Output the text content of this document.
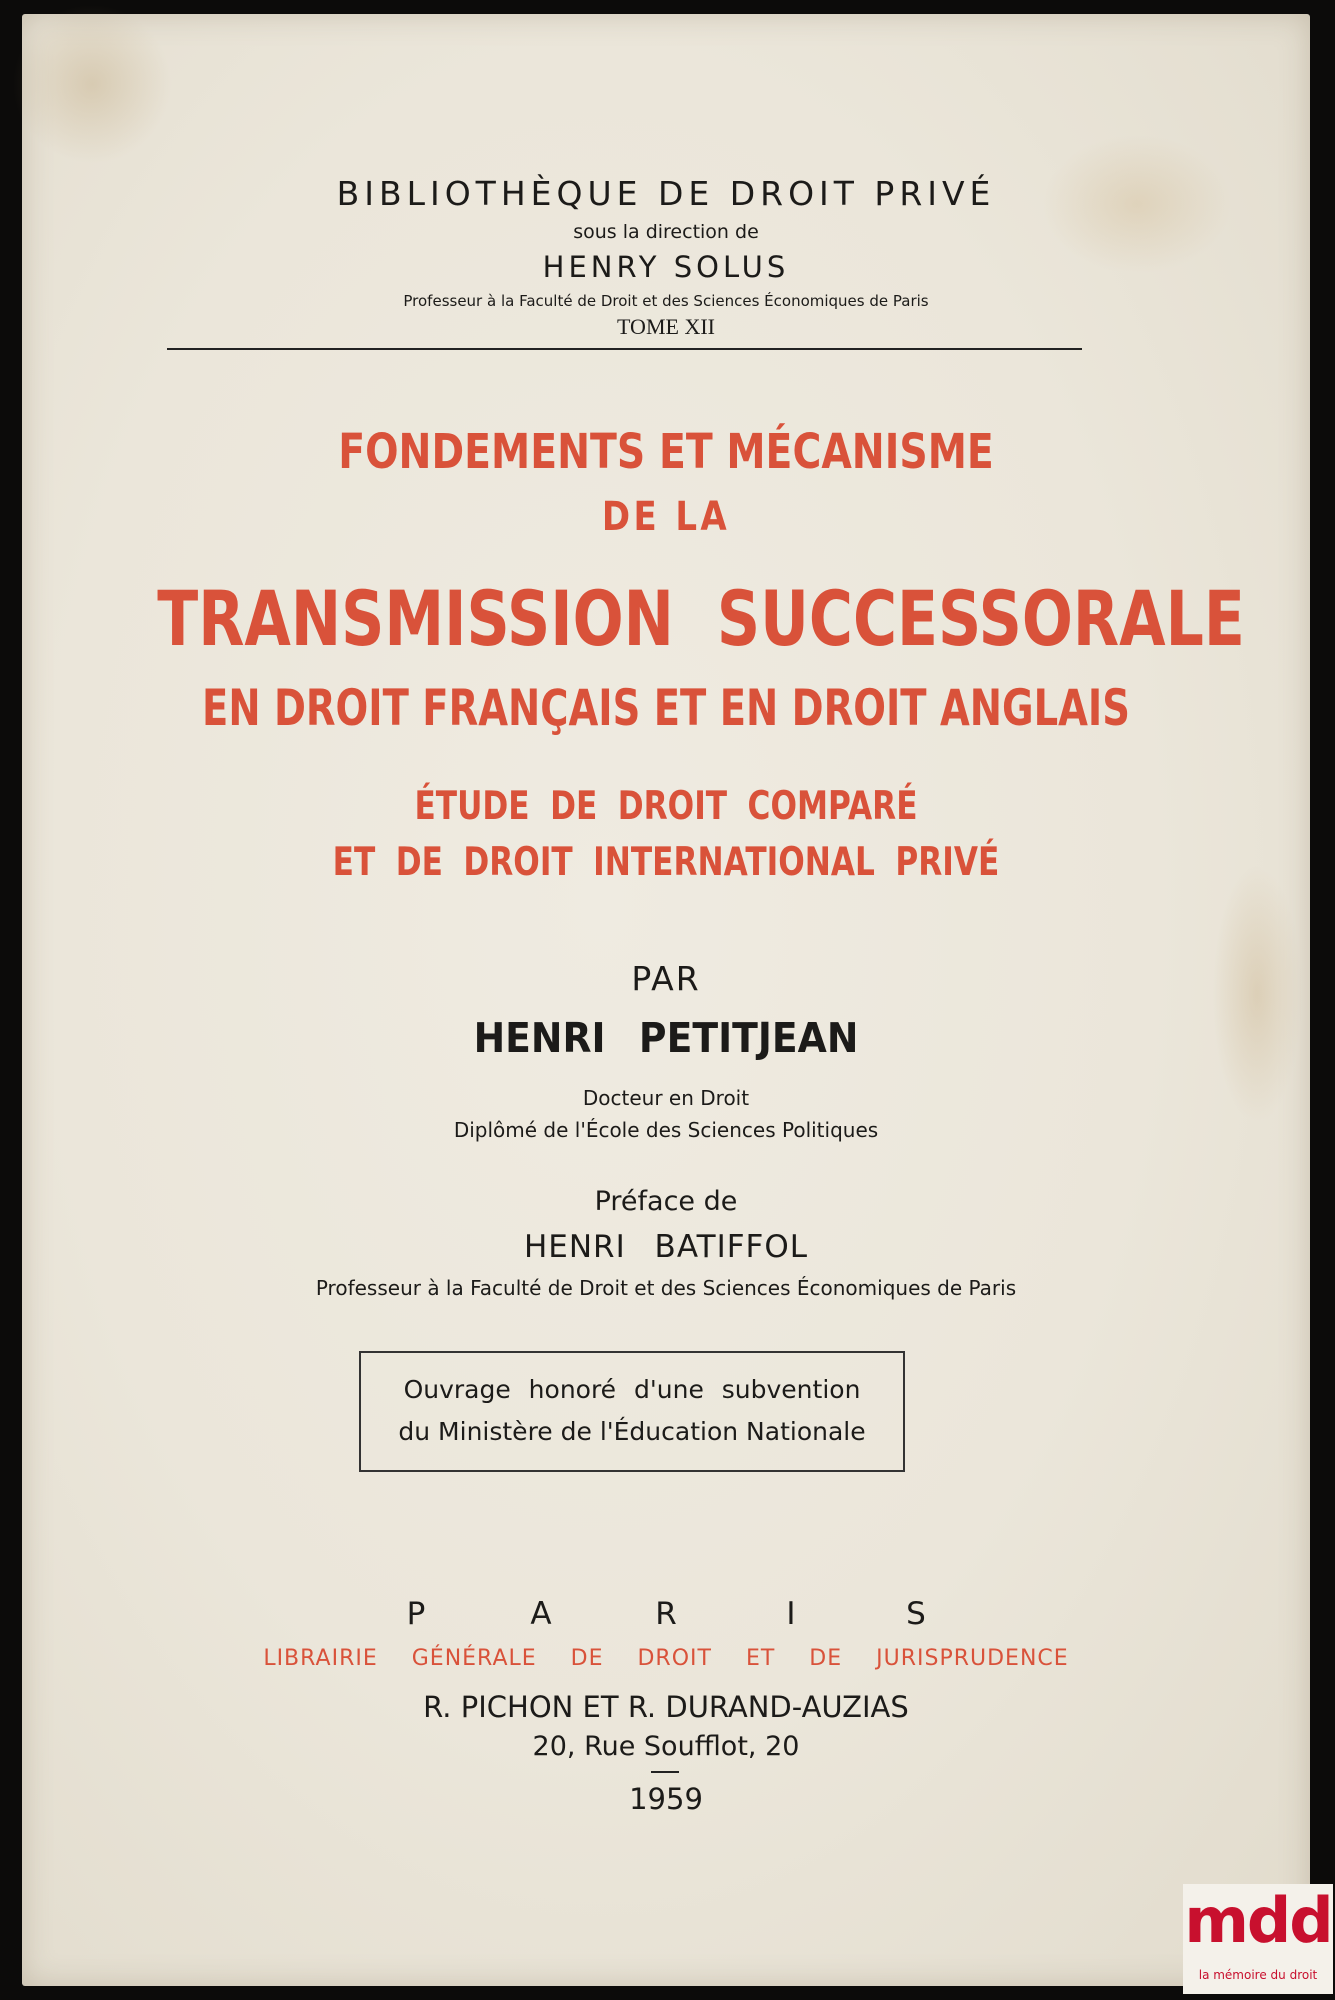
BIBLIOTHÈQUE DE DROIT PRIVÉ
sous la direction de
HENRY SOLUS
Professeur à la Faculté de Droit et des Sciences Économiques de Paris
TOME XII
FONDEMENTS ET MÉCANISME
DE LA
TRANSMISSION SUCCESSORALE
EN DROIT FRANÇAIS ET EN DROIT ANGLAIS
ÉTUDE DE DROIT COMPARÉ
ET DE DROIT INTERNATIONAL PRIVÉ
PAR
HENRI PETITJEAN
Docteur en Droit
Diplômé de l'École des Sciences Politiques
Préface de
HENRI BATIFFOL
Professeur à la Faculté de Droit et des Sciences Économiques de Paris
Ouvrage honoré d'une subvention
du Ministère de l'Éducation Nationale
P	A	R	I	S
LIBRAIRIE GÉNÉRALE DE DROIT ET DE JURISPRUDENCE
R. PICHON ET R. DURAND-AUZIAS
20, Rue Soufflot, 20
1959
mdd
la mémoire du droit
